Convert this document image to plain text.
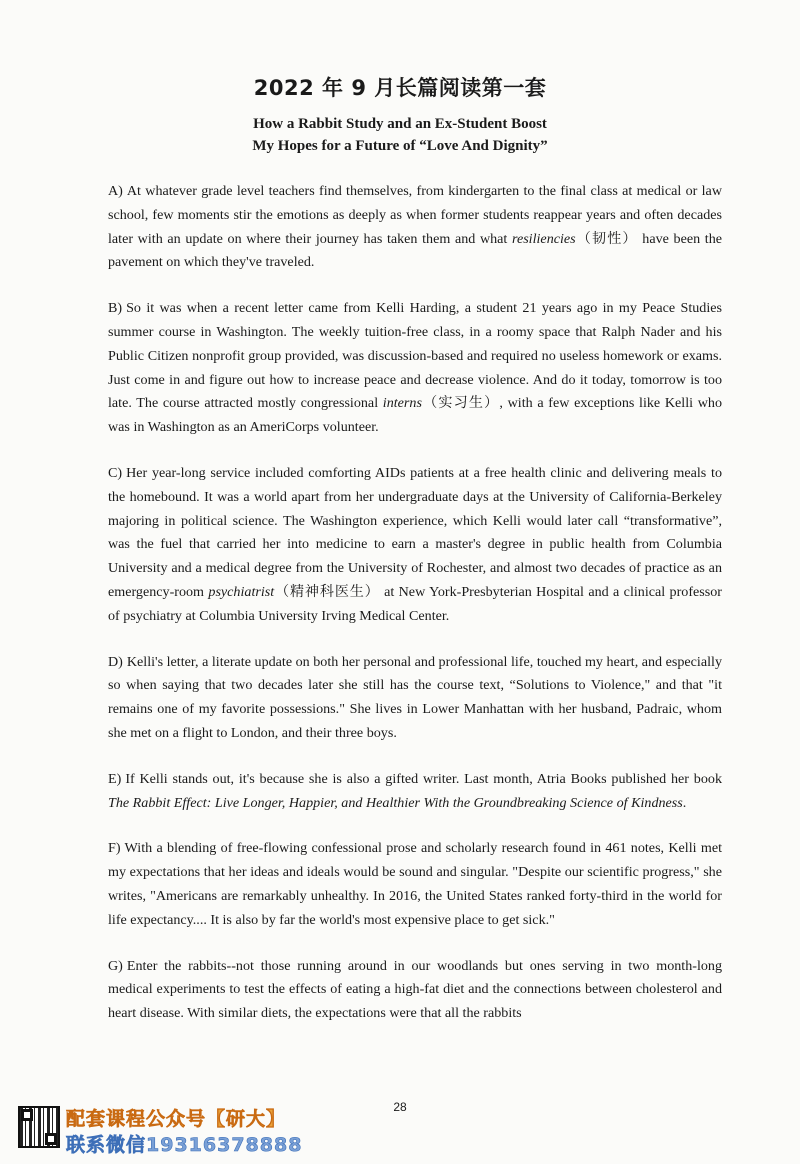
2022 年 9 月长篇阅读第一套
How a Rabbit Study and an Ex-Student Boost
My Hopes for a Future of “Love And Dignity”

A) At whatever grade level teachers find themselves, from kindergarten to the final class at medical or law school, few moments stir the emotions as deeply as when former students reappear years and often decades later with an update on where their journey has taken them and what resiliencies（韧性） have been the pavement on which they've traveled.

B) So it was when a recent letter came from Kelli Harding, a student 21 years ago in my Peace Studies summer course in Washington. The weekly tuition-free class, in a roomy space that Ralph Nader and his Public Citizen nonprofit group provided, was discussion-based and required no useless homework or exams. Just come in and figure out how to increase peace and decrease violence. And do it today, tomorrow is too late. The course attracted mostly congressional interns（实习生）, with a few exceptions like Kelli who was in Washington as an AmeriCorps volunteer.

C) Her year-long service included comforting AIDs patients at a free health clinic and delivering meals to the homebound. It was a world apart from her undergraduate days at the University of California-Berkeley majoring in political science. The Washington experience, which Kelli would later call “transformative”, was the fuel that carried her into medicine to earn a master's degree in public health from Columbia University and a medical degree from the University of Rochester, and almost two decades of practice as an emergency-room psychiatrist（精神科医生） at New York-Presbyterian Hospital and a clinical professor of psychiatry at Columbia University Irving Medical Center.

D) Kelli's letter, a literate update on both her personal and professional life, touched my heart, and especially so when saying that two decades later she still has the course text, “Solutions to Violence," and that "it remains one of my favorite possessions." She lives in Lower Manhattan with her husband, Padraic, whom she met on a flight to London, and their three boys.

E) If Kelli stands out, it's because she is also a gifted writer. Last month, Atria Books published her book The Rabbit Effect: Live Longer, Happier, and Healthier With the Groundbreaking Science of Kindness.

F) With a blending of free-flowing confessional prose and scholarly research found in 461 notes, Kelli met my expectations that her ideas and ideals would be sound and singular. "Despite our scientific progress," she writes, "Americans are remarkably unhealthy. In 2016, the United States ranked forty-third in the world for life expectancy.... It is also by far the world's most expensive place to get sick."

G) Enter the rabbits--not those running around in our woodlands but ones serving in two month-long medical experiments to test the effects of eating a high-fat diet and the connections between cholesterol and heart disease. With similar diets, the expectations were that all the rabbits

28
配套课程公众号【研大】
联系微信19316378888
